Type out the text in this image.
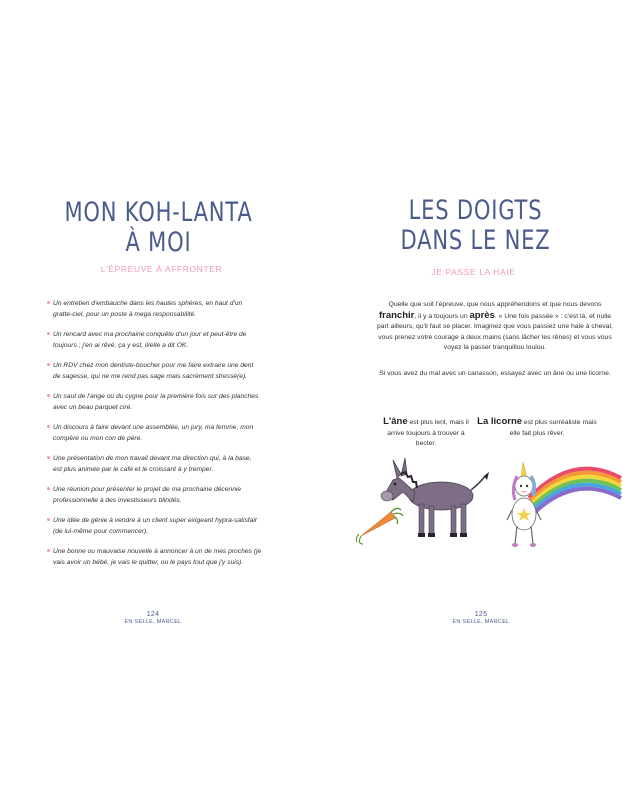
MON KOH-LANTA
À MOI
L'ÉPREUVE À AFFRONTER
Un entretien d'embauche dans les hautes sphères, en haut d'un gratte-ciel, pour un poste à mega responsabilité.
Un rencard avec ma prochaine conquête d'un jour et peut-être de toujours ; j'en ai rêvé, ça y est, il/elle a dit OK.
Un RDV chez mon dentiste-boucher pour me faire extraire une dent de sagesse, qui ne me rend pas sage mais sacrément stressé(e).
Un saut de l'ange ou du cygne pour la première fois sur des planches avec un beau parquet ciré.
Un discours à faire devant une assemblée, un jury, ma femme, mon compère ou mon con de père.
Une présentation de mon travail devant ma direction qui, à la base, est plus animée par le café et le croissant à y tremper.
Une réunion pour présenter le projet de ma prochaine décennie professionnelle à des investisseurs blindés.
Une idée de génie à vendre à un client super exigeant hypra-satisfait (de lui-même pour commencer).
Une bonne ou mauvaise nouvelle à annoncer à un de mes proches (je vais avoir un bébé, je vais le quitter, ou le pays tout que j'y suis).
124
EN SELLE, MARCEL
LES DOIGTS
DANS LE NEZ
JE PASSE LA HAIE
Quelle que soit l'épreuve, que nous appréhendons et que nous devons franchir, il y a toujours un après. « Une fois passée » : c'est là, et nulle part ailleurs, qu'il faut se placer. Imaginez que vous passiez une haie à cheval, vous prenez votre courage à deux mains (sans lâcher les rênes) et vous vous voyez la passer tranquillou louiou.
Si vous avez du mal avec un canasson, essayez avec un âne ou une licorne.
L'âne est plus lent, mais il arrive toujours à trouver à becter.
La licorne est plus surréaliste mais elle fait plus rêver.
125
EN SELLE, MARCEL
